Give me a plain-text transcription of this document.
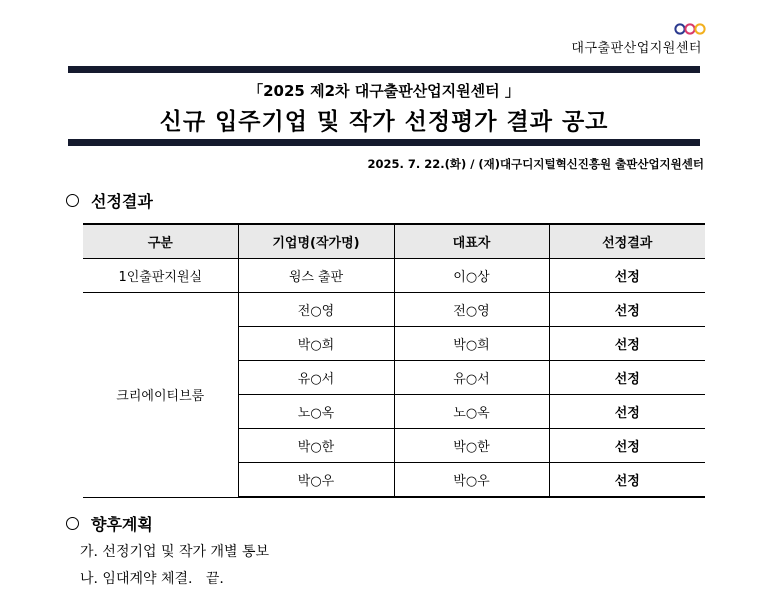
대구출판산업지원센터
「2025 제2차 대구출판산업지원센터 」
신규 입주기업 및 작가 선정평가 결과 공고
2025. 7. 22.(화) / (재)대구디지털혁신진흥원 출판산업지원센터
선정결과
구분	기업명(작가명)	대표자	선정결과
1인출판지원실	윙스 출판	이○상	선정
크리에이티브룸	전○영	전○영	선정
	박○희	박○희	선정
	유○서	유○서	선정
	노○옥	노○옥	선정
	박○한	박○한	선정
	박○우	박○우	선정
향후계획
가. 선정기업 및 작가 개별 통보
나. 임대계약 체결.   끝.
